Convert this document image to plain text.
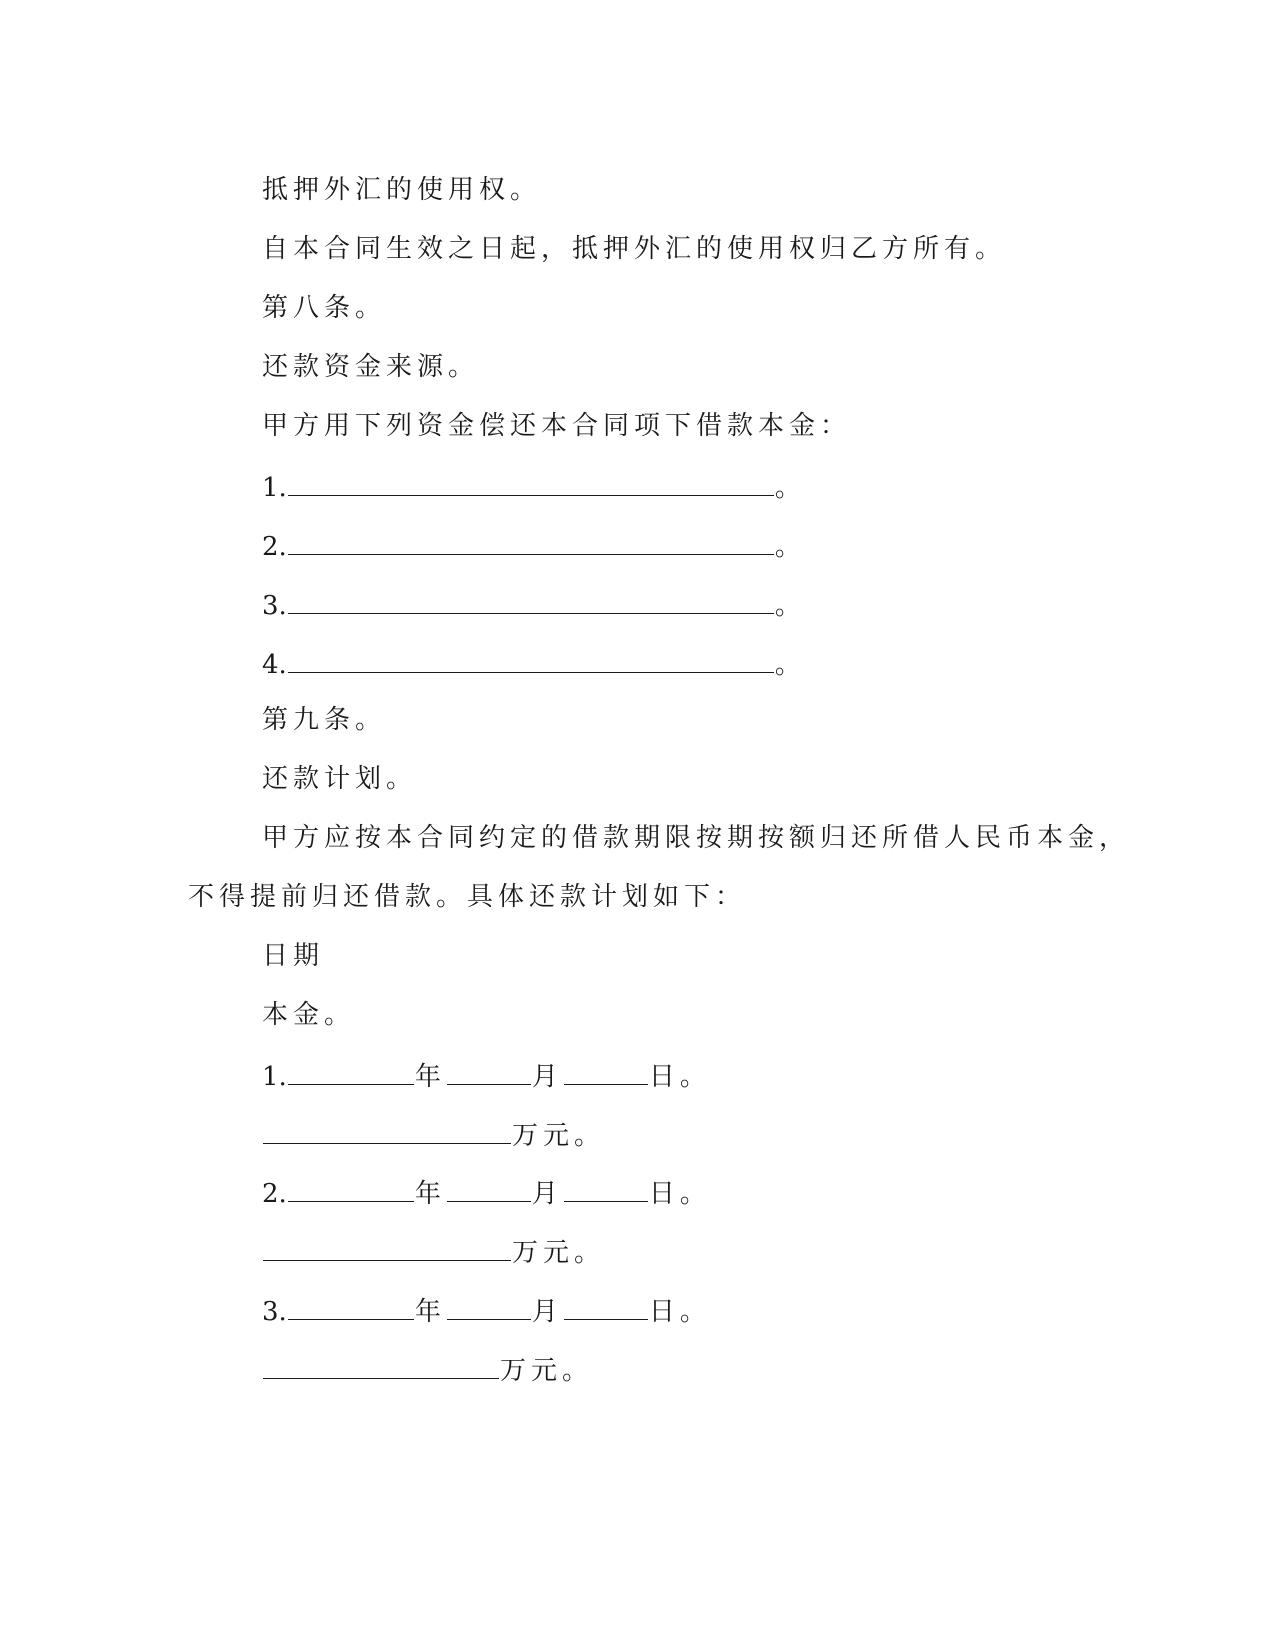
抵押外汇的使用权。
自本合同生效之日起，抵押外汇的使用权归乙方所有。
第八条。
还款资金来源。
甲方用下列资金偿还本合同项下借款本金：
1.	。
2.	。
3.	。
4.	。
第九条。
还款计划。
甲方应按本合同约定的借款期限按期按额归还所借人民币本金，
不得提前归还借款。具体还款计划如下：
日期
本金。
1.	年	月	日。
万元。
2.	年	月	日。
万元。
3.	年	月	日。
万元。
